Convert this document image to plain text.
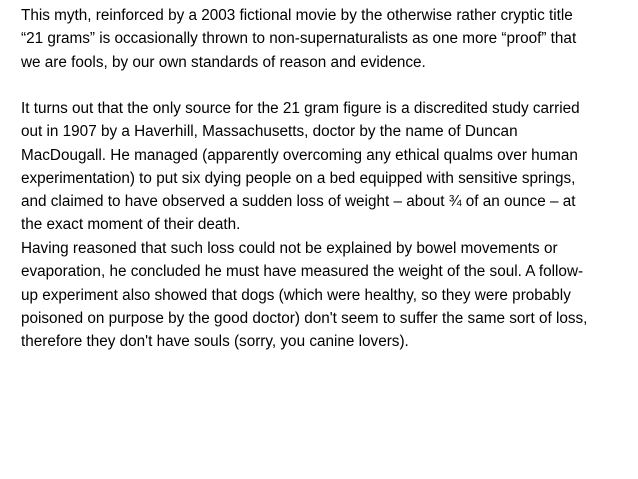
This myth, reinforced by a 2003 fictional movie by the otherwise rather cryptic title
“21 grams” is occasionally thrown to non-supernaturalists as one more “proof” that
we are fools, by our own standards of reason and evidence.
It turns out that the only source for the 21 gram figure is a discredited study carried
out in 1907 by a Haverhill, Massachusetts, doctor by the name of Duncan
MacDougall. He managed (apparently overcoming any ethical qualms over human
experimentation) to put six dying people on a bed equipped with sensitive springs,
and claimed to have observed a sudden loss of weight – about ¾ of an ounce – at
the exact moment of their death.
Having reasoned that such loss could not be explained by bowel movements or
evaporation, he concluded he must have measured the weight of the soul. A follow-
up experiment also showed that dogs (which were healthy, so they were probably
poisoned on purpose by the good doctor) don't seem to suffer the same sort of loss,
therefore they don't have souls (sorry, you canine lovers).
